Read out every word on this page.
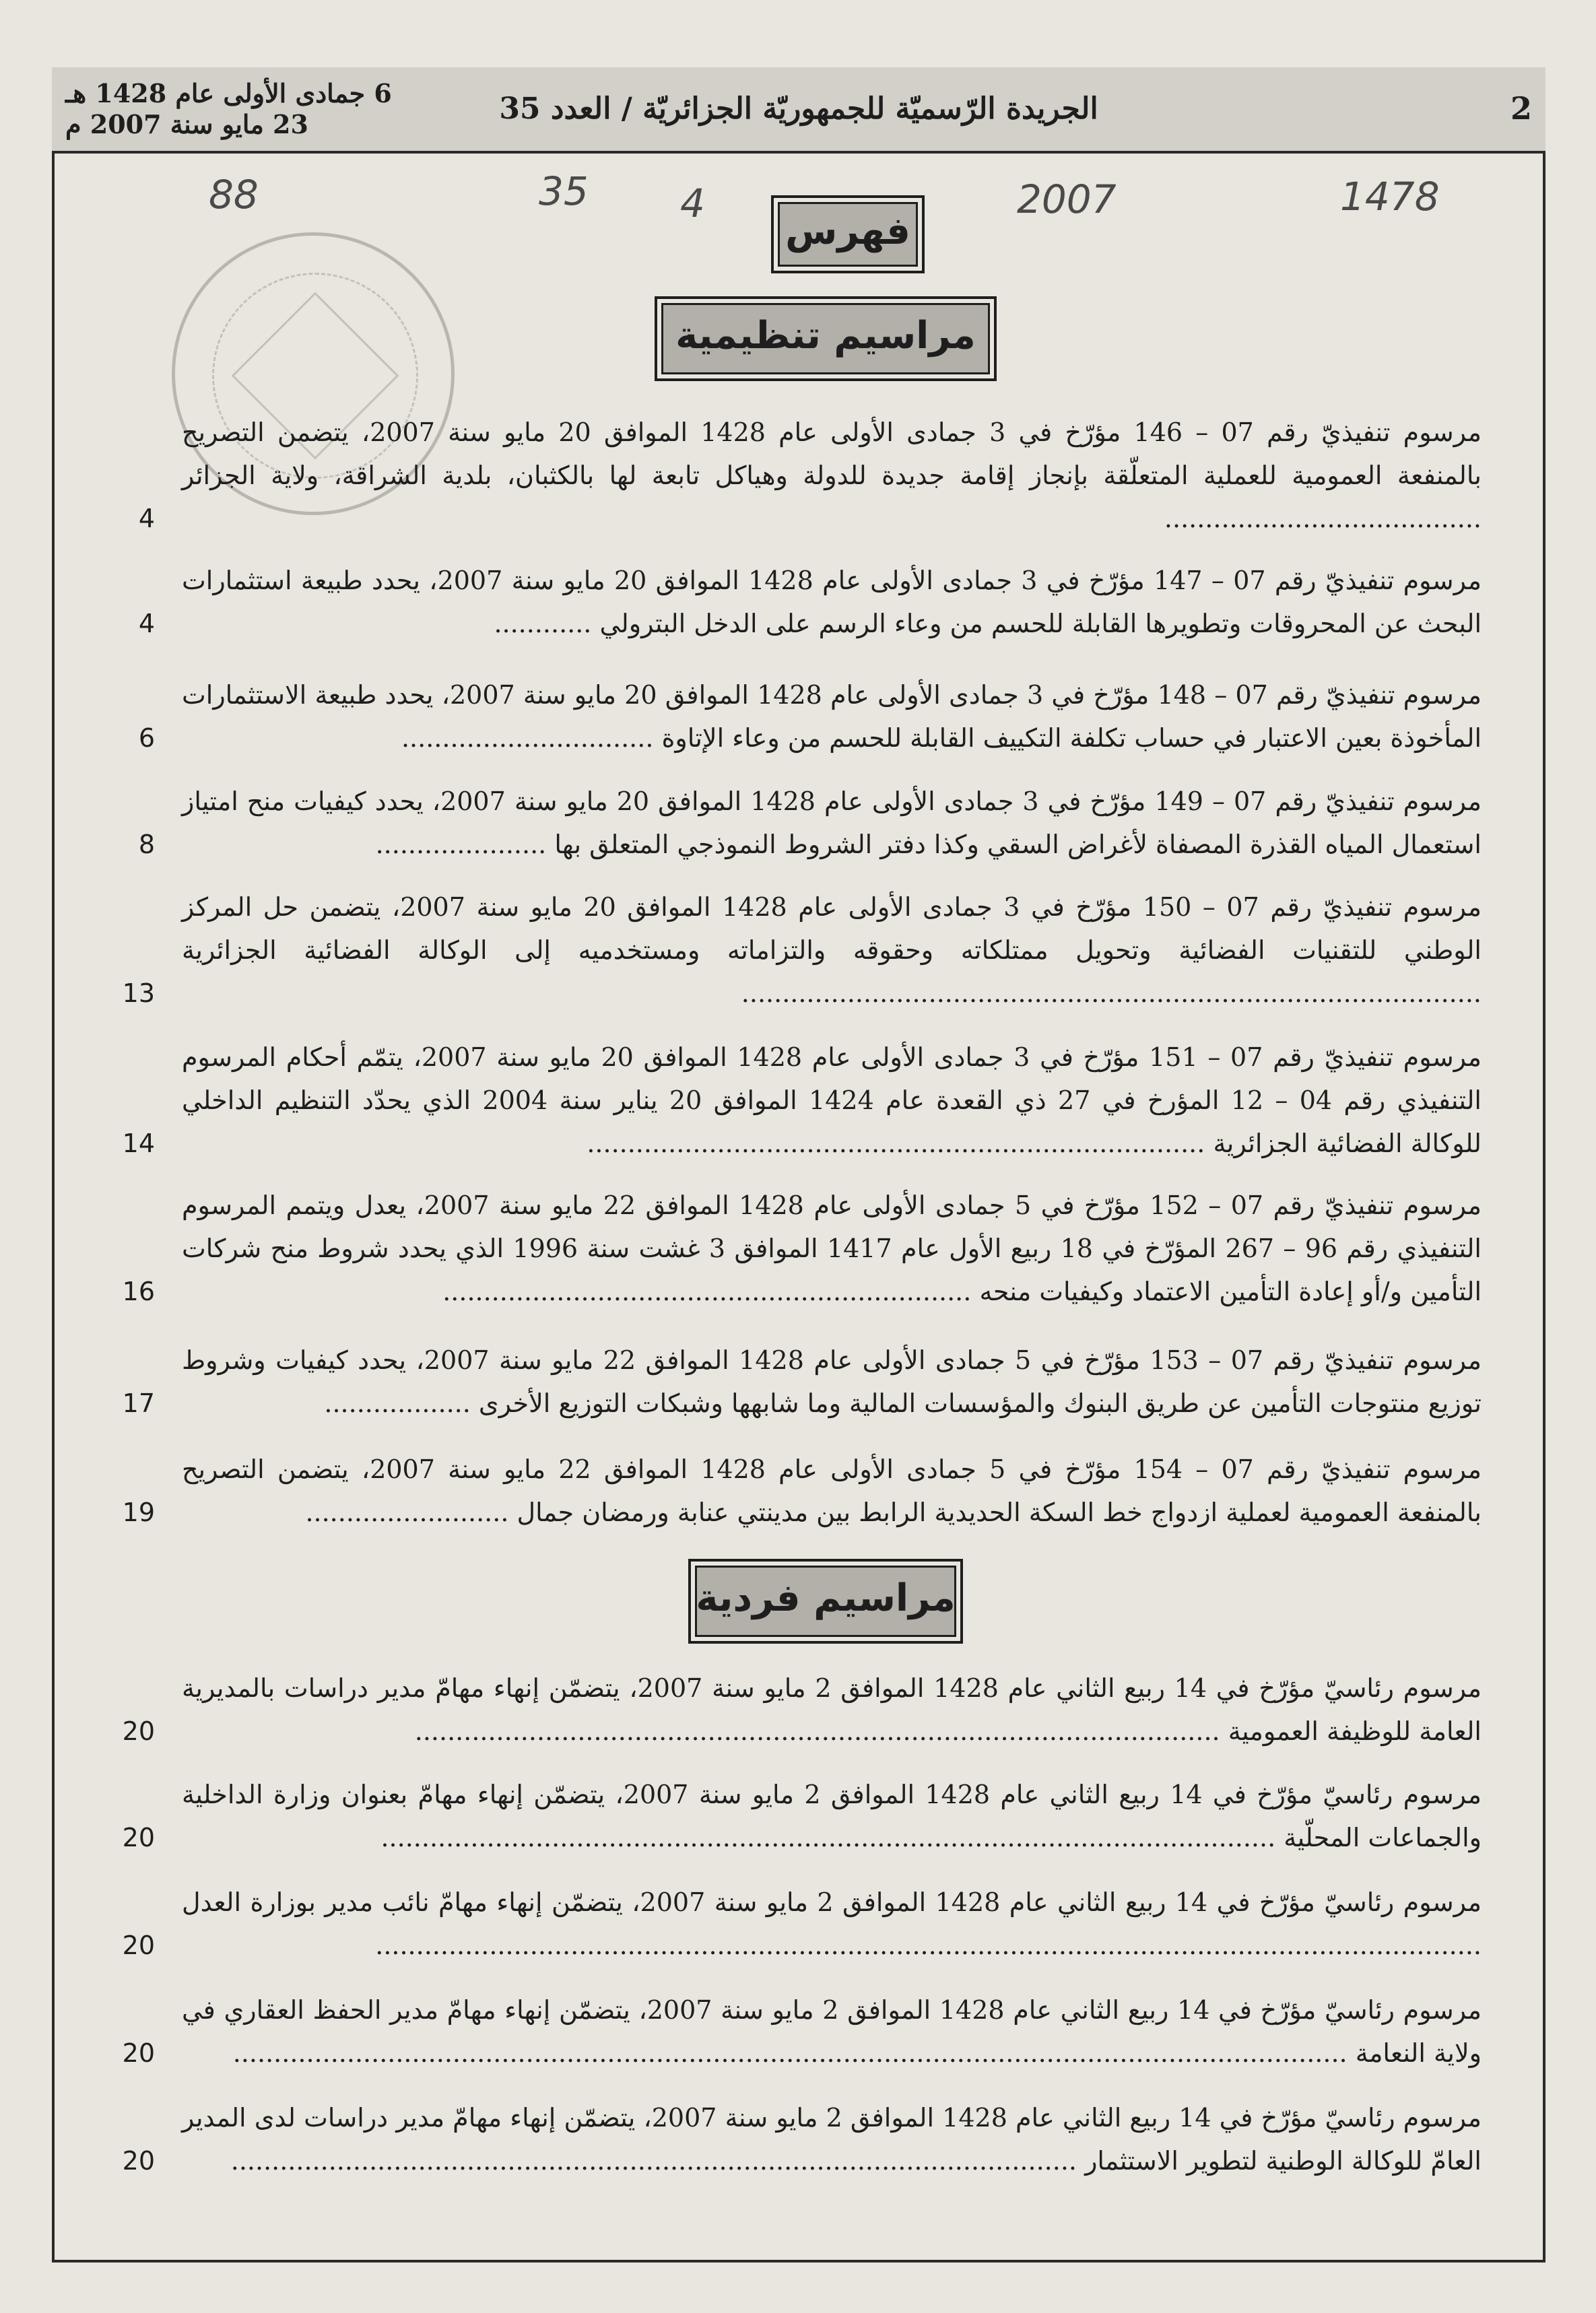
6 جمادى الأولى عام 1428 هـ
23 مايو سنة 2007 م	الجريدة الرّسميّة للجمهوريّة الجزائريّة / العدد 35	2
88	35 4	2007	1478
فهرس
مراسيم تنظيمية
مرسوم تنفيذيّ رقم 07 – 146 مؤرّخ في 3 جمادى الأولى عام 1428 الموافق 20 مايو سنة 2007، يتضمن التصريح بالمنفعة العمومية للعملية المتعلّقة بإنجاز إقامة جديدة للدولة وهياكل تابعة لها بالكثبان، بلدية الشراقة، ولاية الجزائر .......................................
4
مرسوم تنفيذيّ رقم 07 – 147 مؤرّخ في 3 جمادى الأولى عام 1428 الموافق 20 مايو سنة 2007، يحدد طبيعة استثمارات البحث عن المحروقات وتطويرها القابلة للحسم من وعاء الرسم على الدخل البترولي ............
4
مرسوم تنفيذيّ رقم 07 – 148 مؤرّخ في 3 جمادى الأولى عام 1428 الموافق 20 مايو سنة 2007، يحدد طبيعة الاستثمارات المأخوذة بعين الاعتبار في حساب تكلفة التكييف القابلة للحسم من وعاء الإتاوة ...............................
6
مرسوم تنفيذيّ رقم 07 – 149 مؤرّخ في 3 جمادى الأولى عام 1428 الموافق 20 مايو سنة 2007، يحدد كيفيات منح امتياز استعمال المياه القذرة المصفاة لأغراض السقي وكذا دفتر الشروط النموذجي المتعلق بها .....................
8
مرسوم تنفيذيّ رقم 07 – 150 مؤرّخ في 3 جمادى الأولى عام 1428 الموافق 20 مايو سنة 2007، يتضمن حل المركز الوطني للتقنيات الفضائية وتحويل ممتلكاته وحقوقه والتزاماته ومستخدميه إلى الوكالة الفضائية الجزائرية ...........................................................................................
13
مرسوم تنفيذيّ رقم 07 – 151 مؤرّخ في 3 جمادى الأولى عام 1428 الموافق 20 مايو سنة 2007، يتمّم أحكام المرسوم التنفيذي رقم 04 – 12 المؤرخ في 27 ذي القعدة عام 1424 الموافق 20 يناير سنة 2004 الذي يحدّد التنظيم الداخلي للوكالة الفضائية الجزائرية ............................................................................
14
مرسوم تنفيذيّ رقم 07 – 152 مؤرّخ في 5 جمادى الأولى عام 1428 الموافق 22 مايو سنة 2007، يعدل ويتمم المرسوم التنفيذي رقم 96 – 267 المؤرّخ في 18 ربيع الأول عام 1417 الموافق 3 غشت سنة 1996 الذي يحدد شروط منح شركات التأمين و/أو إعادة التأمين الاعتماد وكيفيات منحه .................................................................
16
مرسوم تنفيذيّ رقم 07 – 153 مؤرّخ في 5 جمادى الأولى عام 1428 الموافق 22 مايو سنة 2007، يحدد كيفيات وشروط توزيع منتوجات التأمين عن طريق البنوك والمؤسسات المالية وما شابهها وشبكات التوزيع الأخرى ..................
17
مرسوم تنفيذيّ رقم 07 – 154 مؤرّخ في 5 جمادى الأولى عام 1428 الموافق 22 مايو سنة 2007، يتضمن التصريح بالمنفعة العمومية لعملية ازدواج خط السكة الحديدية الرابط بين مدينتي عنابة ورمضان جمال .........................
19
مراسيم فردية
مرسوم رئاسيّ مؤرّخ في 14 ربيع الثاني عام 1428 الموافق 2 مايو سنة 2007، يتضمّن إنهاء مهامّ مدير دراسات بالمديرية العامة للوظيفة العمومية ...................................................................................................
20
مرسوم رئاسيّ مؤرّخ في 14 ربيع الثاني عام 1428 الموافق 2 مايو سنة 2007، يتضمّن إنهاء مهامّ بعنوان وزارة الداخلية والجماعات المحلّية ..............................................................................................................
20
مرسوم رئاسيّ مؤرّخ في 14 ربيع الثاني عام 1428 الموافق 2 مايو سنة 2007، يتضمّن إنهاء مهامّ نائب مدير بوزارة العدل ........................................................................................................................................
20
مرسوم رئاسيّ مؤرّخ في 14 ربيع الثاني عام 1428 الموافق 2 مايو سنة 2007، يتضمّن إنهاء مهامّ مدير الحفظ العقاري في ولاية النعامة .........................................................................................................................................
20
مرسوم رئاسيّ مؤرّخ في 14 ربيع الثاني عام 1428 الموافق 2 مايو سنة 2007، يتضمّن إنهاء مهامّ مدير دراسات لدى المدير العامّ للوكالة الوطنية لتطوير الاستثمار ........................................................................................................
20
